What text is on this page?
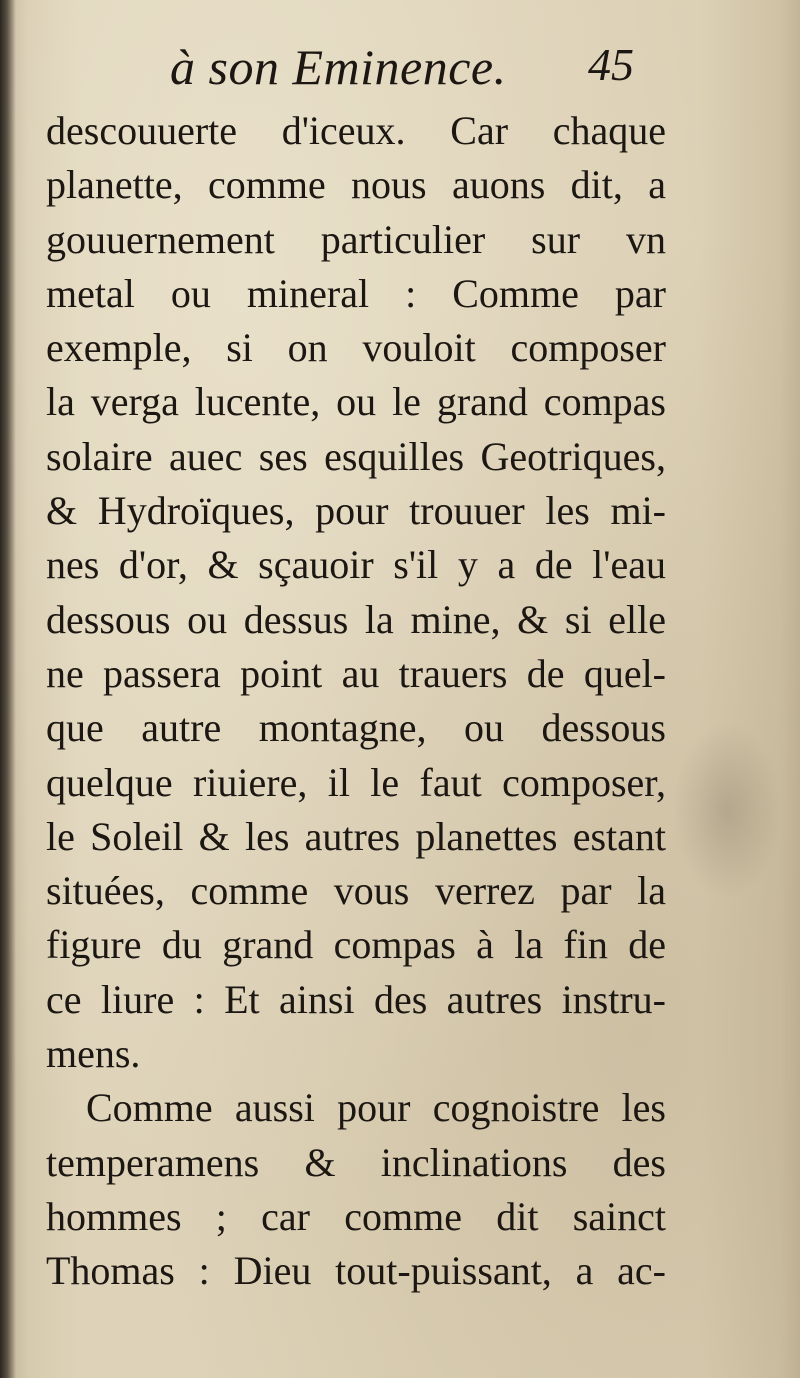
à son Eminence. 45
descouuerte d'iceux. Car chaque
planette, comme nous auons dit, a
gouuernement particulier sur vn
metal ou mineral : Comme par
exemple, si on vouloit composer
la verga lucente, ou le grand compas
solaire auec ses esquilles Geotriques,
& Hydroïques, pour trouuer les mi-
nes d'or, & sçauoir s'il y a de l'eau
dessous ou dessus la mine, & si elle
ne passera point au trauers de quel-
que autre montagne, ou dessous
quelque riuiere, il le faut composer,
le Soleil & les autres planettes estant
situées, comme vous verrez par la
figure du grand compas à la fin de
ce liure : Et ainsi des autres instru-
mens.
Comme aussi pour cognoistre les
temperamens & inclinations des
hommes ; car comme dit sainct
Thomas : Dieu tout-puissant, a ac-
